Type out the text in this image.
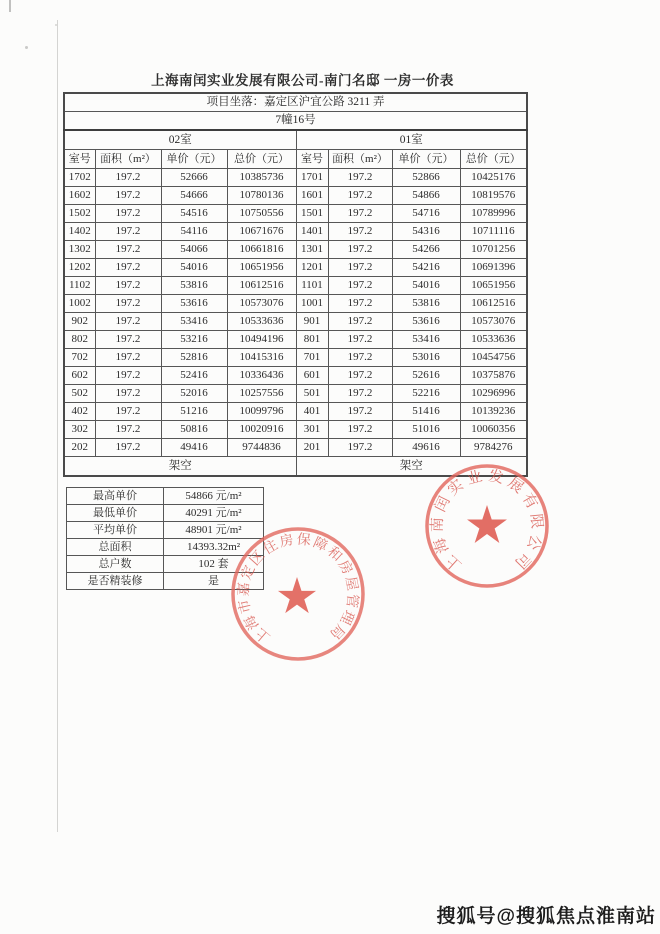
上海南闰实业发展有限公司-南门名邸 一房一价表
项目坐落：嘉定区沪宜公路 3211 弄							
7幢16号							
02室				01室			
室号	面积（m²）	单价（元）	总价（元）	室号	面积（m²）	单价（元）	总价（元）
1702	197.2	52666	10385736	1701	197.2	52866	10425176
1602	197.2	54666	10780136	1601	197.2	54866	10819576
1502	197.2	54516	10750556	1501	197.2	54716	10789996
1402	197.2	54116	10671676	1401	197.2	54316	10711116
1302	197.2	54066	10661816	1301	197.2	54266	10701256
1202	197.2	54016	10651956	1201	197.2	54216	10691396
1102	197.2	53816	10612516	1101	197.2	54016	10651956
1002	197.2	53616	10573076	1001	197.2	53816	10612516
902	197.2	53416	10533636	901	197.2	53616	10573076
802	197.2	53216	10494196	801	197.2	53416	10533636
702	197.2	52816	10415316	701	197.2	53016	10454756
602	197.2	52416	10336436	601	197.2	52616	10375876
502	197.2	52016	10257556	501	197.2	52216	10296996
402	197.2	51216	10099796	401	197.2	51416	10139236
302	197.2	50816	10020916	301	197.2	51016	10060356
202	197.2	49416	9744836	201	197.2	49616	9784276
架空				架空			
最高单价	54866 元/m²
最低单价	40291 元/m²
平均单价	48901 元/m²
总面积	14393.32m²
总户数	102 套
是否精装修	是
上海南闰实业发展有限公司
上海市嘉定区住房保障和房屋管理局
搜狐号@搜狐焦点淮南站
